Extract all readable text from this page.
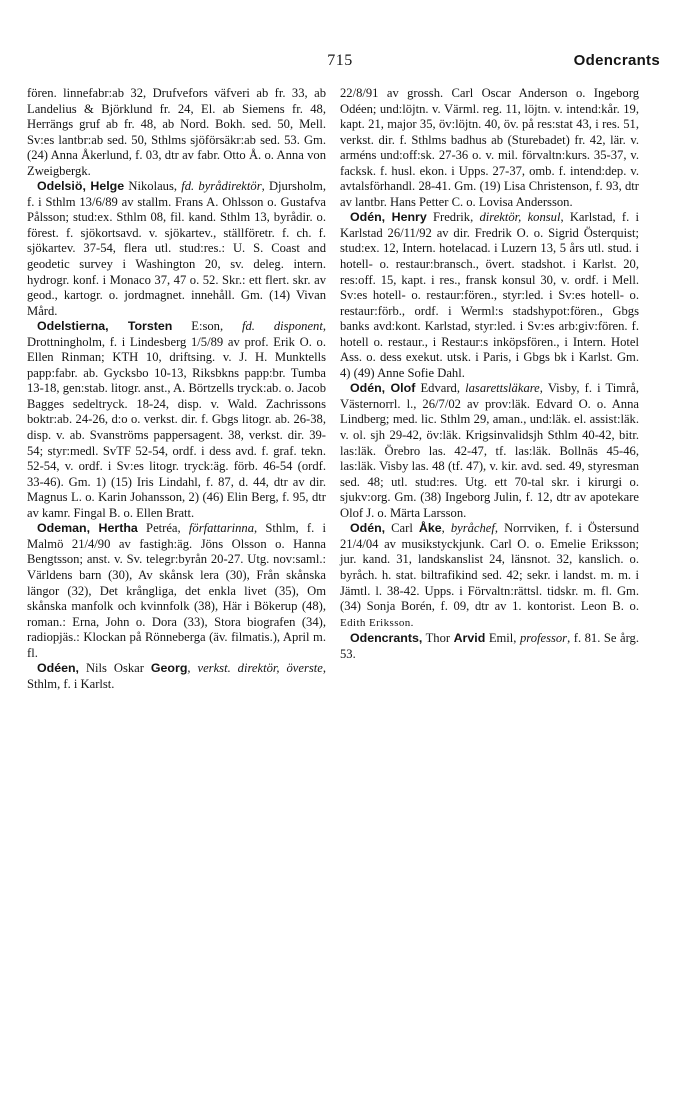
715	Odencrants

fören. linnefabr:ab 32, Drufvefors väfveri ab fr. 33, ab Landelius & Björklund fr. 24, El. ab Siemens fr. 48, Herrängs gruf ab fr. 48, ab Nord. Bokh. sed. 50, Mell. Sv:es lantbr:ab sed. 50, Sthlms sjöförsäkr:ab sed. 53. Gm. (24) Anna Åkerlund, f. 03, dtr av fabr. Otto Å. o. Anna von Zweigbergk.

Odelsiö, Helge Nikolaus, fd. byrådirektör, Djursholm, f. i Sthlm 13/6/89 av stallm. Frans A. Ohlsson o. Gustafva Pålsson; stud:ex. Sthlm 08, fil. kand. Sthlm 13, byrådir. o. förest. f. sjökortsavd. v. sjökartev., ställföretr. f. ch. f. sjökartev. 37-54, flera utl. stud:res.: U. S. Coast and geodetic survey i Washington 20, sv. deleg. intern. hydrogr. konf. i Monaco 37, 47 o. 52. Skr.: ett flert. skr. av geod., kartogr. o. jordmagnet. innehåll. Gm. (14) Vivan Mård.

Odelstierna, Torsten E:son, fd. disponent, Drottningholm, f. i Lindesberg 1/5/89 av prof. Erik O. o. Ellen Rinman; KTH 10, driftsing. v. J. H. Munktells papp:fabr. ab. Gycksbo 10-13, Riksbkns papp:br. Tumba 13-18, gen:stab. litogr. anst., A. Börtzells tryck:ab. o. Jacob Bagges sedeltryck. 18-24, disp. v. Wald. Zachrissons boktr:ab. 24-26, d:o o. verkst. dir. f. Gbgs litogr. ab. 26-38, disp. v. ab. Svanströms pappersagent. 38, verkst. dir. 39-54; styr:medl. SvTF 52-54, ordf. i dess avd. f. graf. tekn. 52-54, v. ordf. i Sv:es litogr. tryck:äg. förb. 46-54 (ordf. 33-46). Gm. 1) (15) Iris Lindahl, f. 87, d. 44, dtr av dir. Magnus L. o. Karin Johansson, 2) (46) Elin Berg, f. 95, dtr av kamr. Fingal B. o. Ellen Bratt.

Odeman, Hertha Petréa, författarinna, Sthlm, f. i Malmö 21/4/90 av fastigh:äg. Jöns Olsson o. Hanna Bengtsson; anst. v. Sv. telegr:byrån 20-27. Utg. nov:saml.: Världens barn (30), Av skånsk lera (30), Från skånska längor (32), Det krångliga, det enkla livet (35), Om skånska manfolk och kvinnfolk (38), Här i Bökerup (48), roman.: Erna, John o. Dora (33), Stora biografen (34), radiopjäs.: Klockan på Rönneberga (äv. filmatis.), April m. fl.

Odéen, Nils Oskar Georg, verkst. direktör, överste, Sthlm, f. i Karlst.

22/8/91 av grossh. Carl Oscar Anderson o. Ingeborg Odéen; und:löjtn. v. Värml. reg. 11, löjtn. v. intend:kår. 19, kapt. 21, major 35, öv:löjtn. 40, öv. på res:stat 43, i res. 51, verkst. dir. f. Sthlms badhus ab (Sturebadet) fr. 42, lär. v. arméns und:off:sk. 27-36 o. v. mil. förvaltn:kurs. 35-37, v. facksk. f. husl. ekon. i Upps. 27-37, omb. f. intend:dep. v. avtalsförhandl. 28-41. Gm. (19) Lisa Christenson, f. 93, dtr av lantbr. Hans Petter C. o. Lovisa Andersson.

Odén, Henry Fredrik, direktör, konsul, Karlstad, f. i Karlstad 26/11/92 av dir. Fredrik O. o. Sigrid Österquist; stud:ex. 12, Intern. hotelacad. i Luzern 13, 5 års utl. stud. i hotell- o. restaur:bransch., övert. stadshot. i Karlst. 20, res:off. 15, kapt. i res., fransk konsul 30, v. ordf. i Mell. Sv:es hotell- o. restaur:fören., styr:led. i Sv:es hotell- o. restaur:förb., ordf. i Werml:s stadshypot:fören., Gbgs banks avd:kont. Karlstad, styr:led. i Sv:es arb:giv:fören. f. hotell o. restaur., i Restaur:s inköpsfören., i Intern. Hotel Ass. o. dess exekut. utsk. i Paris, i Gbgs bk i Karlst. Gm. 4) (49) Anne Sofie Dahl.

Odén, Olof Edvard, lasarettsläkare, Visby, f. i Timrå, Västernorrl. l., 26/7/02 av prov:läk. Edvard O. o. Anna Lindberg; med. lic. Sthlm 29, aman., und:läk. el. assist:läk. v. ol. sjh 29-42, öv:läk. Krigsinvalidsjh Sthlm 40-42, bitr. las:läk. Örebro las. 42-47, tf. las:läk. Bollnäs 45-46, las:läk. Visby las. 48 (tf. 47), v. kir. avd. sed. 49, styresman sed. 48; utl. stud:res. Utg. ett 70-tal skr. i kirurgi o. sjukv:org. Gm. (38) Ingeborg Julin, f. 12, dtr av apotekare Olof J. o. Märta Larsson.

Odén, Carl Åke, byråchef, Norrviken, f. i Östersund 21/4/04 av musikstyckjunk. Carl O. o. Emelie Eriksson; jur. kand. 31, landskanslist 24, länsnot. 32, kanslich. o. byråch. h. stat. biltrafikind sed. 42; sekr. i landst. m. m. i Jämtl. l. 38-42. Upps. i Förvaltn:rättsl. tidskr. m. fl. Gm. (34) Sonja Borén, f. 09, dtr av 1. kontorist. Leon B. o. Edith Eriksson.

Odencrants, Thor Arvid Emil, professor, f. 81. Se årg. 53.
